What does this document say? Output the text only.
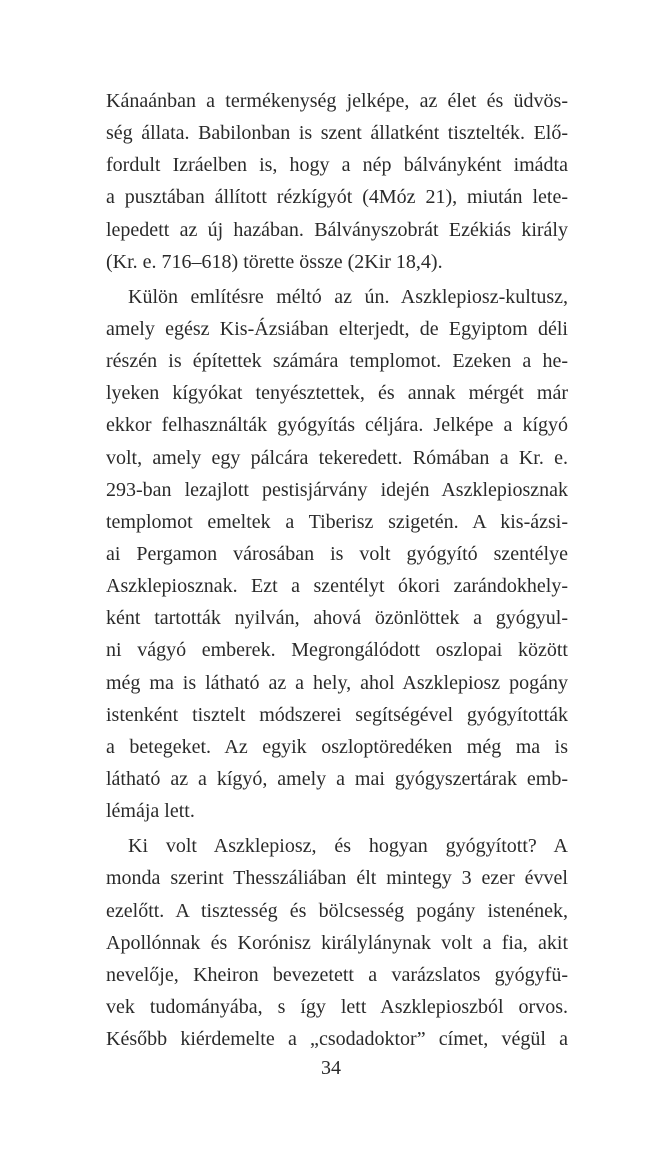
Kánaánban a termékenység jelképe, az élet és üdvös-
ség állata. Babilonban is szent állatként tisztelték. Elő-
fordult Izráelben is, hogy a nép bálványként imádta
a pusztában állított rézkígyót (4Móz 21), miután lete-
lepedett az új hazában. Bálványszobrát Ezékiás király
(Kr. e. 716–618) törette össze (2Kir 18,4).
Külön említésre méltó az ún. Aszklepiosz-kultusz,
amely egész Kis-Ázsiában elterjedt, de Egyiptom déli
részén is építettek számára templomot. Ezeken a he-
lyeken kígyókat tenyésztettek, és annak mérgét már
ekkor felhasználták gyógyítás céljára. Jelképe a kígyó
volt, amely egy pálcára tekeredett. Rómában a Kr. e.
293-ban lezajlott pestisjárvány idején Aszklepiosznak
templomot emeltek a Tiberisz szigetén. A kis-ázsi-
ai Pergamon városában is volt gyógyító szentélye
Aszklepiosznak. Ezt a szentélyt ókori zarándokhely-
ként tartották nyilván, ahová özönlöttek a gyógyul-
ni vágyó emberek. Megrongálódott oszlopai között
még ma is látható az a hely, ahol Aszklepiosz pogány
istenként tisztelt módszerei segítségével gyógyították
a betegeket. Az egyik oszloptöredéken még ma is
látható az a kígyó, amely a mai gyógyszertárak emb-
lémája lett.
Ki volt Aszklepiosz, és hogyan gyógyított? A
monda szerint Thesszáliában élt mintegy 3 ezer évvel
ezelőtt. A tisztesség és bölcsesség pogány istenének,
Apollónnak és Korónisz királylánynak volt a fia, akit
nevelője, Kheiron bevezetett a varázslatos gyógyfü-
vek tudományába, s így lett Aszklepioszból orvos.
Később kiérdemelte a „csodadoktor” címet, végül a
34
